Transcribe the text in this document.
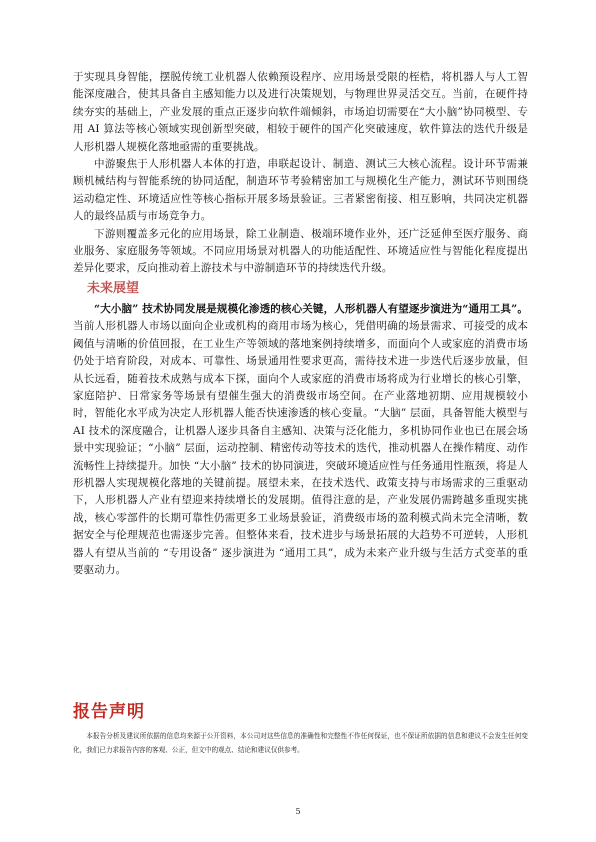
于实现具身智能，摆脱传统工业机器人依赖预设程序、应用场景受限的桎梏，将机器人与人工智能深度融合，使其具备自主感知能力以及进行决策规划，与物理世界灵活交互。当前，在硬件持续夯实的基础上，产业发展的重点正逐步向软件端倾斜，市场迫切需要在“大小脑”协同模型、专用 AI 算法等核心领域实现创新型突破，相较于硬件的国产化突破速度，软件算法的迭代升级是人形机器人规模化落地亟需的重要挑战。

中游聚焦于人形机器人本体的打造，串联起设计、制造、测试三大核心流程。设计环节需兼顾机械结构与智能系统的协同适配，制造环节考验精密加工与规模化生产能力，测试环节则围绕运动稳定性、环境适应性等核心指标开展多场景验证。三者紧密衔接、相互影响，共同决定机器人的最终品质与市场竞争力。

下游则覆盖多元化的应用场景，除工业制造、极端环境作业外，还广泛延伸至医疗服务、商业服务、家庭服务等领域。不同应用场景对机器人的功能适配性、环境适应性与智能化程度提出差异化要求，反向推动着上游技术与中游制造环节的持续迭代升级。

未来展望

“大小脑” 技术协同发展是规模化渗透的核心关键，人形机器人有望逐步演进为“通用工具”。当前人形机器人市场以面向企业或机构的商用市场为核心，凭借明确的场景需求、可接受的成本阈值与清晰的价值回报，在工业生产等领域的落地案例持续增多，而面向个人或家庭的消费市场仍处于培育阶段，对成本、可靠性、场景通用性要求更高，需待技术进一步迭代后逐步放量，但从长远看，随着技术成熟与成本下探，面向个人或家庭的消费市场将成为行业增长的核心引擎，家庭陪护、日常家务等场景有望催生强大的消费级市场空间。在产业落地初期、应用规模较小时，智能化水平成为决定人形机器人能否快速渗透的核心变量。“大脑” 层面，具备智能大模型与 AI 技术的深度融合，让机器人逐步具备自主感知、决策与泛化能力，多机协同作业也已在展会场景中实现验证；“小脑” 层面，运动控制、精密传动等技术的迭代，推动机器人在操作精度、动作流畅性上持续提升。加快 “大小脑” 技术的协同演进，突破环境适应性与任务通用性瓶颈，将是人形机器人实现规模化落地的关键前提。展望未来，在技术迭代、政策支持与市场需求的三重驱动下，人形机器人产业有望迎来持续增长的发展期。值得注意的是，产业发展仍需跨越多重现实挑战，核心零部件的长期可靠性仍需更多工业场景验证，消费级市场的盈利模式尚未完全清晰，数据安全与伦理规范也需逐步完善。但整体来看，技术进步与场景拓展的大趋势不可逆转，人形机器人有望从当前的 “专用设备” 逐步演进为 “通用工具”，成为未来产业升级与生活方式变革的重要驱动力。

报告声明

本报告分析及建议所依据的信息均来源于公开资料，本公司对这些信息的准确性和完整性不作任何保证，也不保证所依据的信息和建议不会发生任何变化，我们已力求报告内容的客观、公正，但文中的观点、结论和建议仅供参考。

5
